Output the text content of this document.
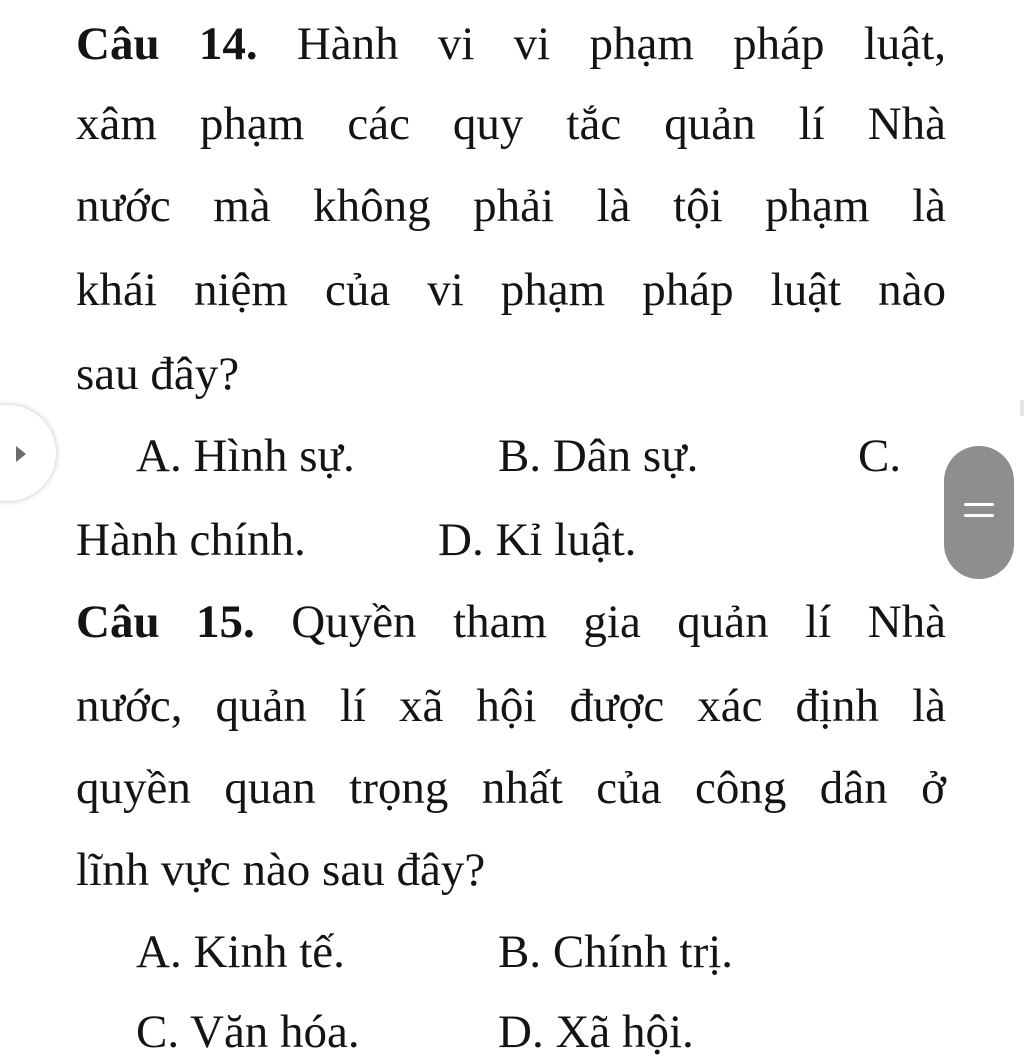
Câu 14. Hành vi vi phạm pháp luật,
xâm phạm các quy tắc quản lí Nhà
nước mà không phải là tội phạm là
khái niệm của vi phạm pháp luật nào
sau đây?
A. Hình sự.	B. Dân sự.	C.
Hành chính.	D. Kỉ luật.
Câu 15. Quyền tham gia quản lí Nhà
nước, quản lí xã hội được xác định là
quyền quan trọng nhất của công dân ở
lĩnh vực nào sau đây?
A. Kinh tế.	B. Chính trị.
C. Văn hóa.	D. Xã hội.
